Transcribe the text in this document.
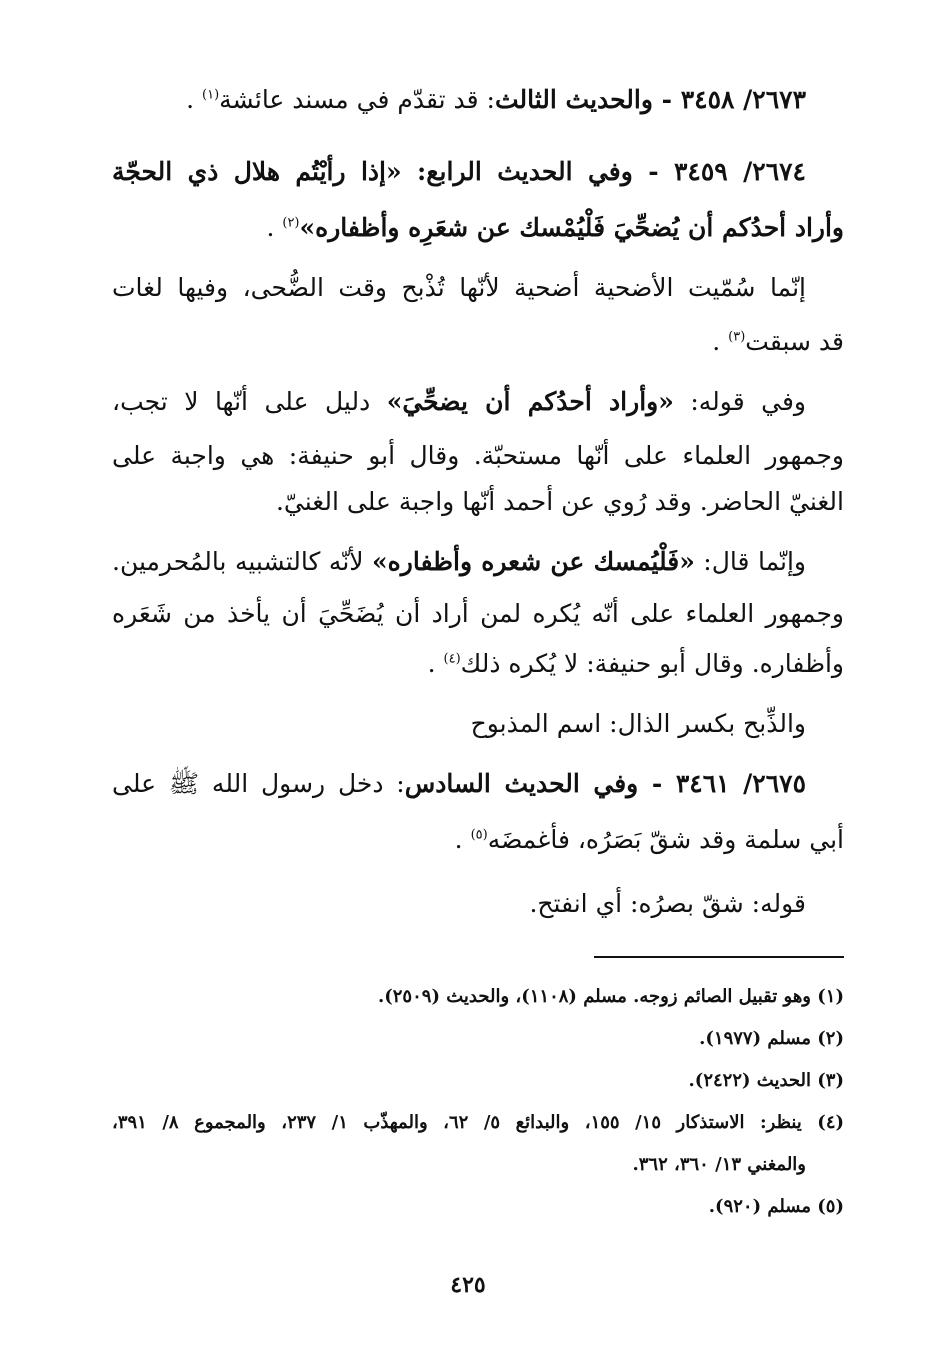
٢٦٧٣/ ٣٤٥٨ - والحديث الثالث: قد تقدّم في مسند عائشة$^{(١)}$ .
٢٦٧٤/ ٣٤٥٩ - وفي الحديث الرابع: «إذا رأيْتُم هلال ذي الحجّة
وأراد أحدُكم أن يُضحِّيَ فَلْيُمْسك عن شعَرِه وأظفاره»$^{(٢)}$ .
إنّما سُمّيت الأضحية أضحية لأنّها تُذْبح وقت الضُّحى، وفيها لغات
قد سبقت$^{(٣)}$ .
وفي قوله: «وأراد أحدُكم أن يضحِّيَ» دليل على أنّها لا تجب،
وجمهور العلماء على أنّها مستحبّة. وقال أبو حنيفة: هي واجبة على
الغنيّ الحاضر. وقد رُوي عن أحمد أنّها واجبة على الغنيّ.
وإنّما قال: «فَلْيُمسك عن شعره وأظفاره» لأنّه كالتشبيه بالمُحرمين.
وجمهور العلماء على أنّه يُكره لمن أراد أن يُضَحِّيَ أن يأخذ من شَعَره
وأظفاره. وقال أبو حنيفة: لا يُكره ذلك$^{(٤)}$ .
والذِّبح بكسر الذال: اسم المذبوح
٢٦٧٥/ ٣٤٦١ - وفي الحديث السادس: دخل رسول الله ﷺ على
أبي سلمة وقد شقّ بَصَرُه، فأغمضَه$^{(٥)}$ .
قوله: شقّ بصرُه: أي انفتح.
(١) وهو تقبيل الصائم زوجه. مسلم (١١٠٨)، والحديث (٢٥٠٩).
(٢) مسلم (١٩٧٧).
(٣) الحديث (٢٤٢٢).
(٤) ينظر: الاستذكار ١٥/ ١٥٥، والبدائع ٥/ ٦٢، والمهذّب ١/ ٢٣٧، والمجموع ٨/ ٣٩١،
والمغني ١٣/ ٣٦٠، ٣٦٢.
(٥) مسلم (٩٢٠).
٤٢٥
